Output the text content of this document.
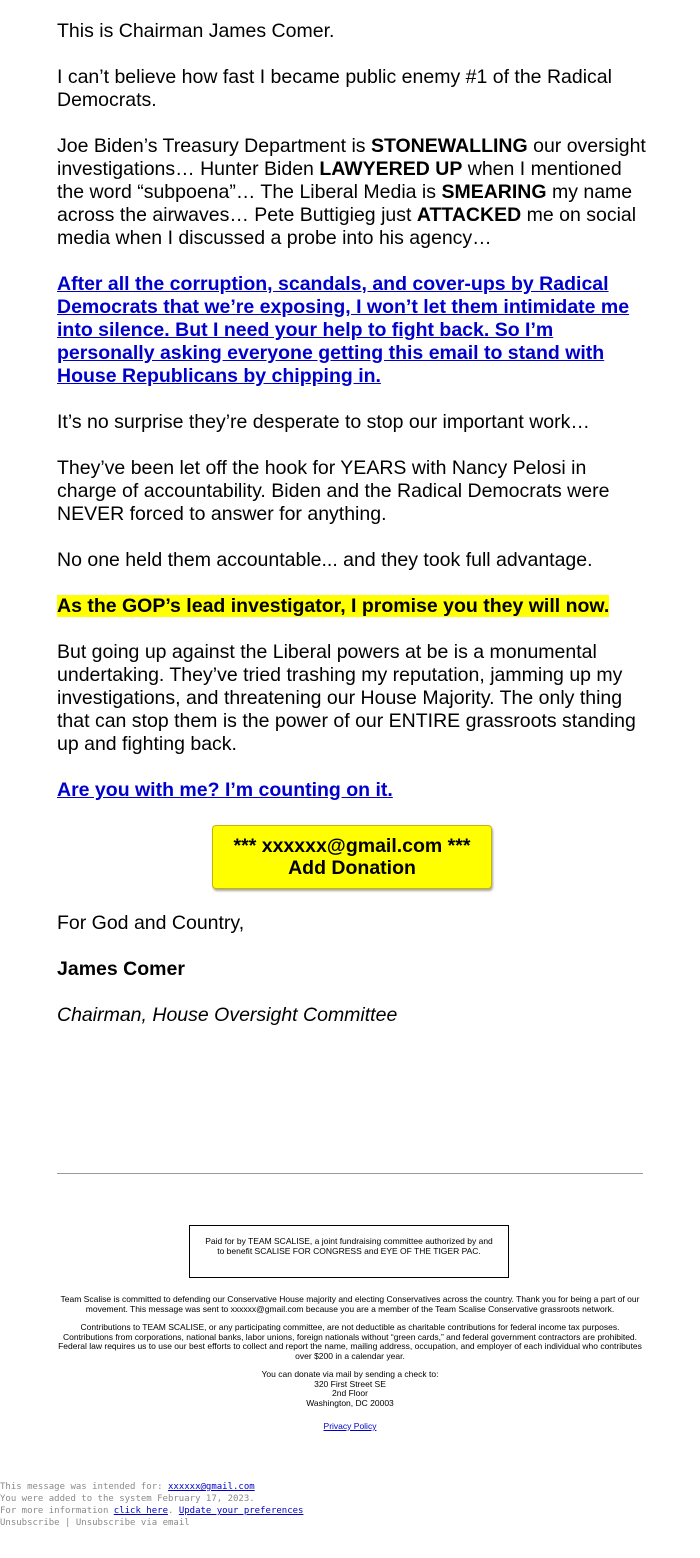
This is Chairman James Comer.

I can’t believe how fast I became public enemy #1 of the Radical Democrats.

Joe Biden’s Treasury Department is STONEWALLING our oversight investigations… Hunter Biden LAWYERED UP when I mentioned the word “subpoena”… The Liberal Media is SMEARING my name across the airwaves… Pete Buttigieg just ATTACKED me on social media when I discussed a probe into his agency…

After all the corruption, scandals, and cover-ups by Radical Democrats that we’re exposing, I won’t let them intimidate me into silence. But I need your help to fight back. So I’m personally asking everyone getting this email to stand with House Republicans by chipping in.

It’s no surprise they’re desperate to stop our important work…

They’ve been let off the hook for YEARS with Nancy Pelosi in charge of accountability. Biden and the Radical Democrats were NEVER forced to answer for anything.

No one held them accountable... and they took full advantage.

As the GOP’s lead investigator, I promise you they will now.

But going up against the Liberal powers at be is a monumental undertaking. They’ve tried trashing my reputation, jamming up my investigations, and threatening our House Majority. The only thing that can stop them is the power of our ENTIRE grassroots standing up and fighting back.

Are you with me? I’m counting on it.

*** xxxxxx@gmail.com ***
Add Donation

For God and Country,

James Comer

Chairman, House Oversight Committee

Paid for by TEAM SCALISE, a joint fundraising committee authorized by and to benefit SCALISE FOR CONGRESS and EYE OF THE TIGER PAC.

Team Scalise is committed to defending our Conservative House majority and electing Conservatives across the country. Thank you for being a part of our movement. This message was sent to xxxxxx@gmail.com because you are a member of the Team Scalise Conservative grassroots network.

Contributions to TEAM SCALISE, or any participating committee, are not deductible as charitable contributions for federal income tax purposes. Contributions from corporations, national banks, labor unions, foreign nationals without “green cards,” and federal government contractors are prohibited. Federal law requires us to use our best efforts to collect and report the name, mailing address, occupation, and employer of each individual who contributes over $200 in a calendar year.

You can donate via mail by sending a check to:
320 First Street SE
2nd Floor
Washington, DC 20003

Privacy Policy

This message was intended for: xxxxxx@gmail.com
You were added to the system February 17, 2023.
For more information click here. Update your preferences
Unsubscribe | Unsubscribe via email
